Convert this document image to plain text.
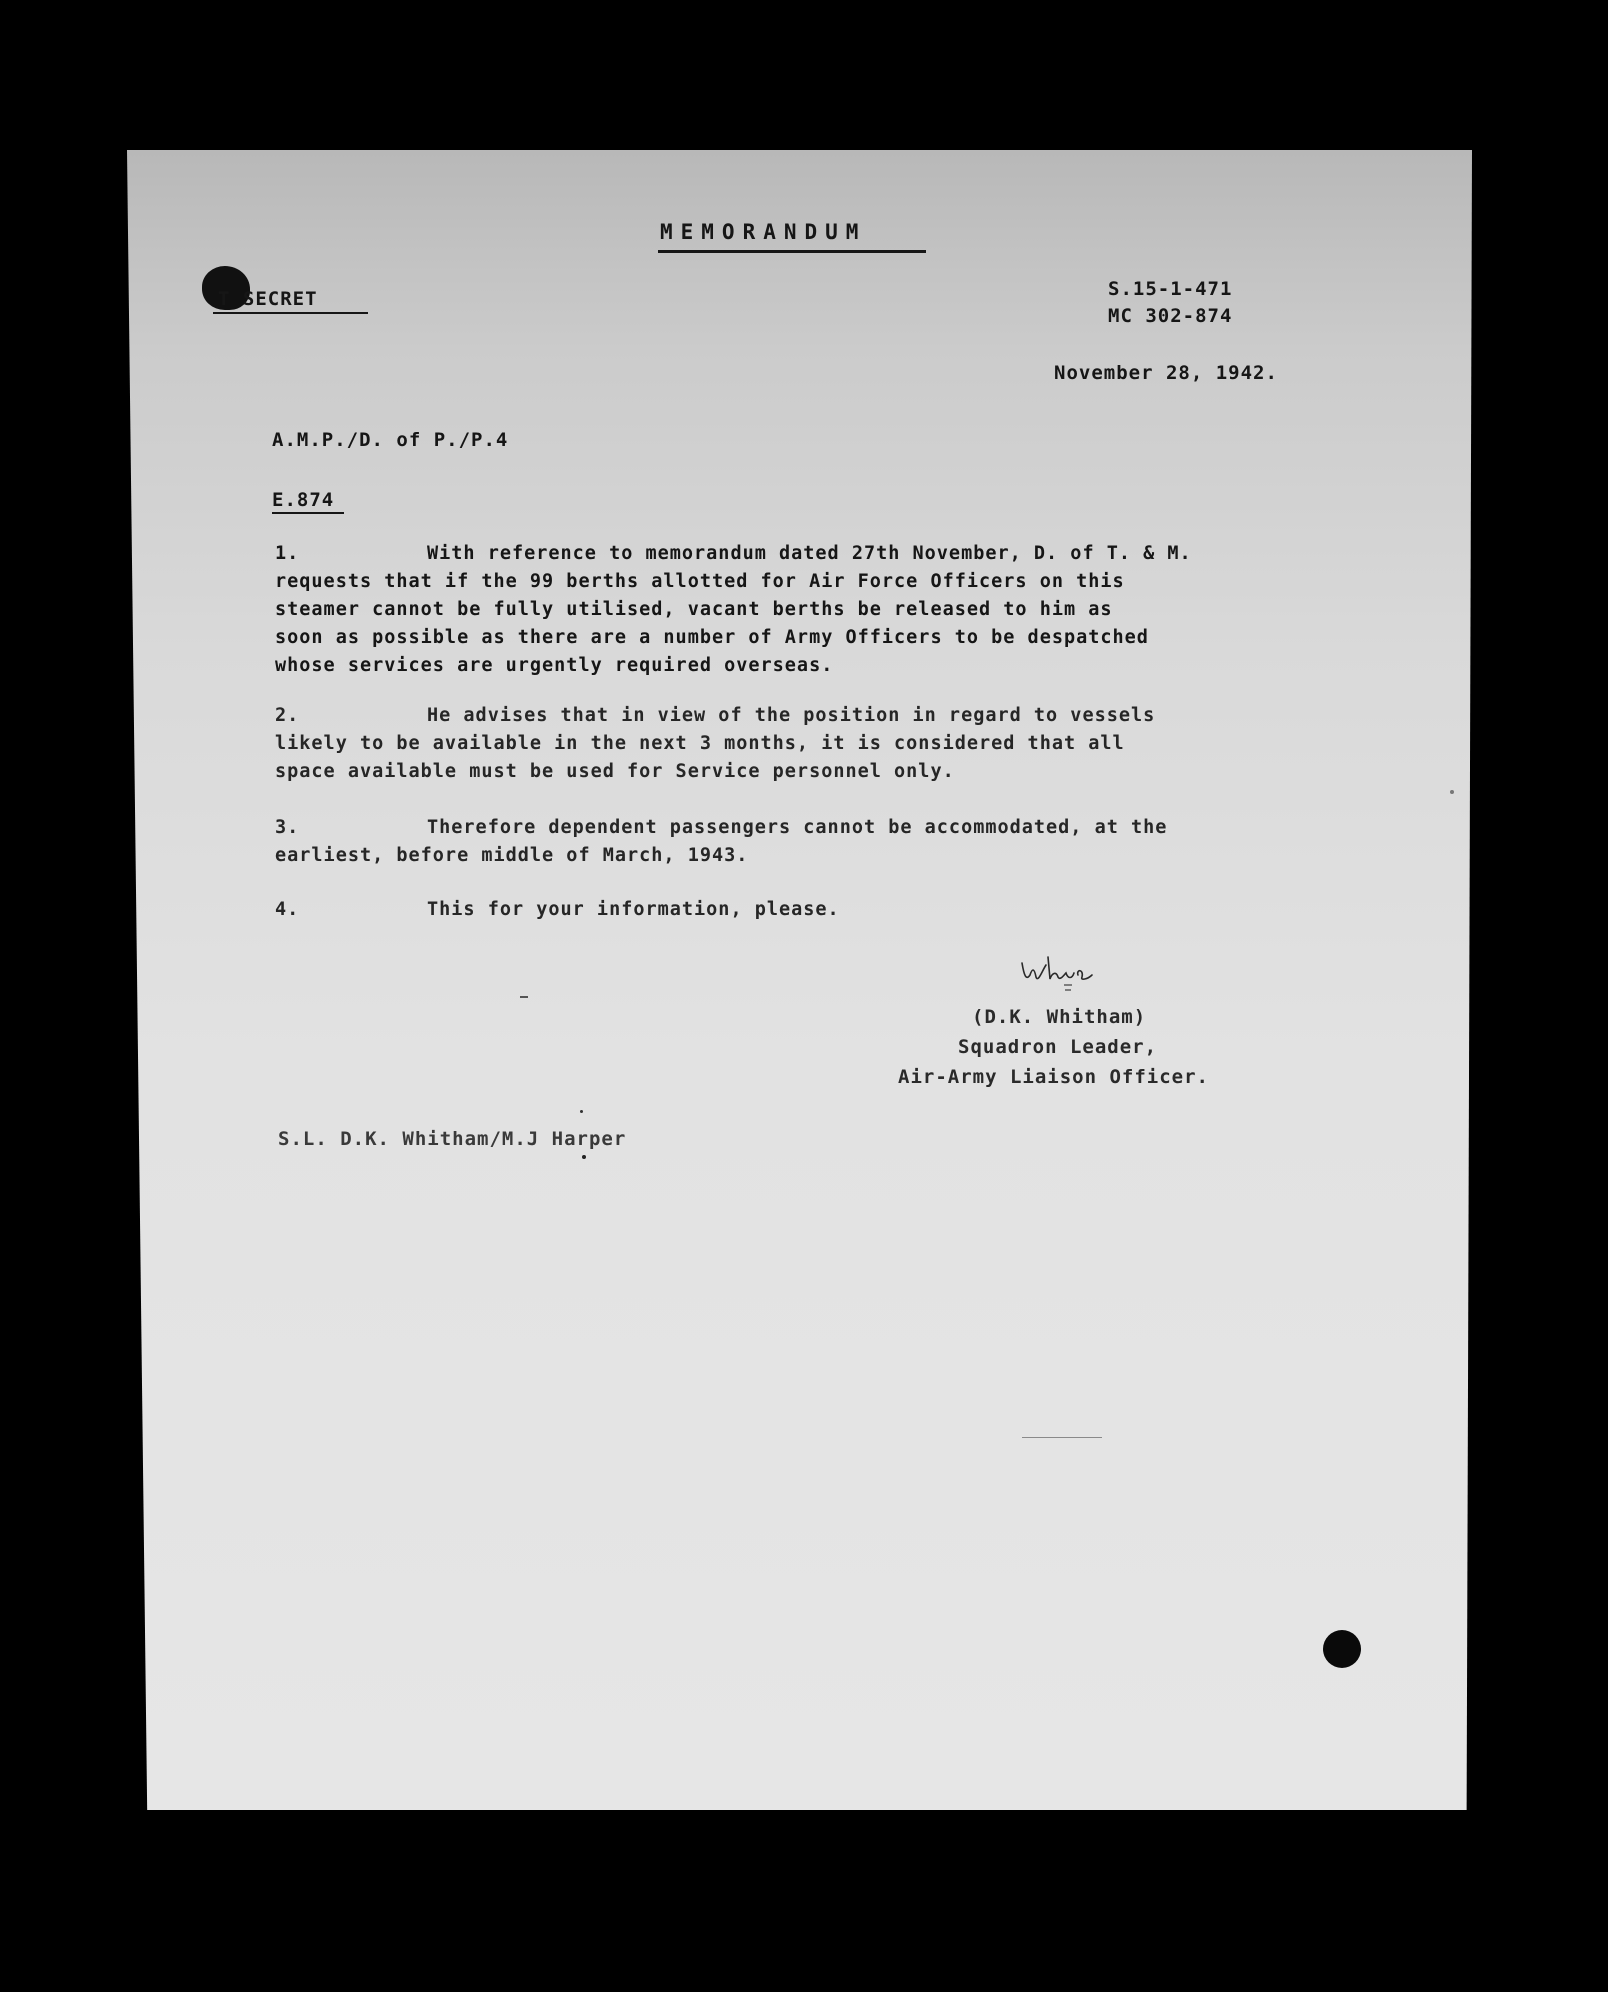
MEMORANDUM
T SECRET	S.15-1-471
MC 302-874
November 28, 1942.
A.M.P./D. of P./P.4
E.874
1.	With reference to memorandum dated 27th November, D. of T. & M.
requests that if the 99 berths allotted for Air Force Officers on this
steamer cannot be fully utilised, vacant berths be released to him as
soon as possible as there are a number of Army Officers to be despatched
whose services are urgently required overseas.
2.	He advises that in view of the position in regard to vessels
likely to be available in the next 3 months, it is considered that all
space available must be used for Service personnel only.
3.	Therefore dependent passengers cannot be accommodated, at the
earliest, before middle of March, 1943.
4.	This for your information, please.
(D.K. Whitham)
Squadron Leader,
Air-Army Liaison Officer.
S.L. D.K. Whitham/M.J Harper
